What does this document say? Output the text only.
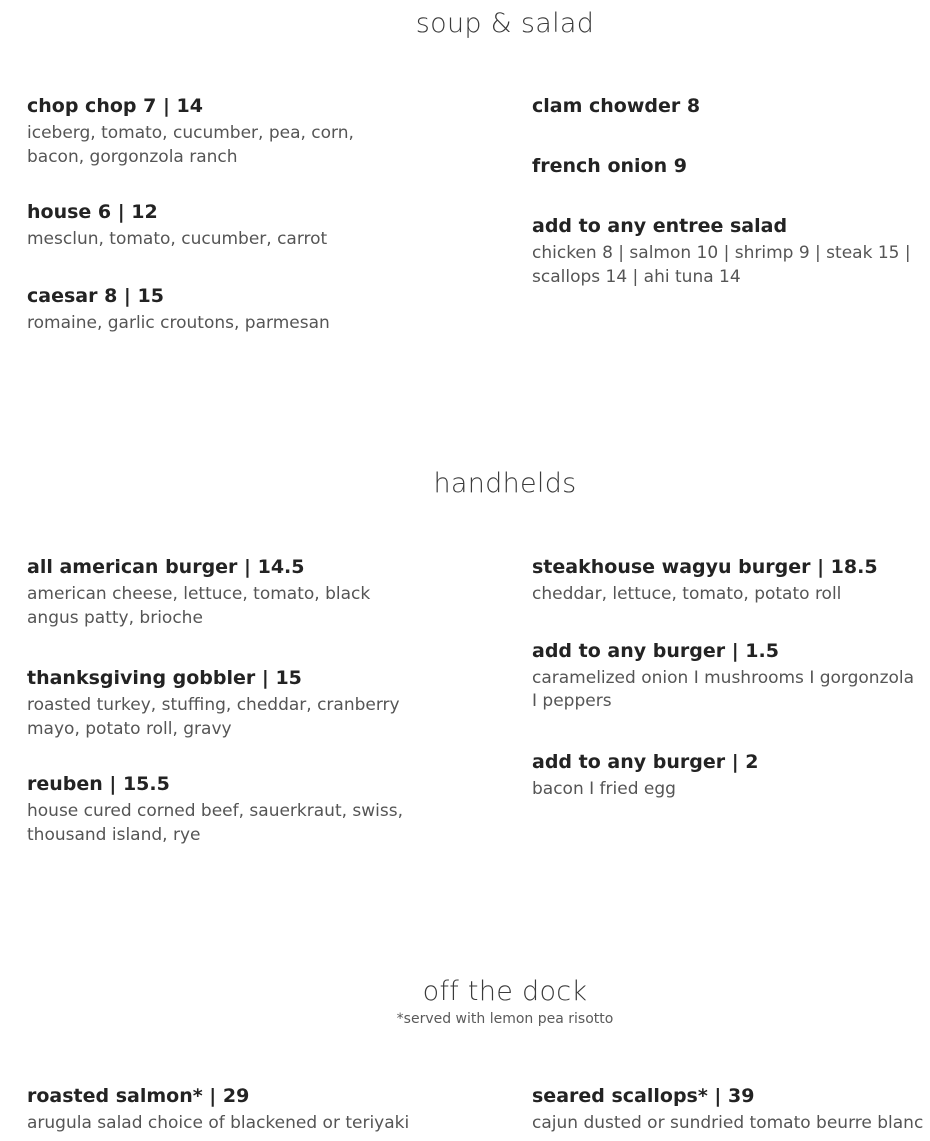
soup & salad
chop chop 7 | 14
iceberg, tomato, cucumber, pea, corn, bacon, gorgonzola ranch
house 6 | 12
mesclun, tomato, cucumber, carrot
caesar 8 | 15
romaine, garlic croutons, parmesan
clam chowder 8
french onion 9
add to any entree salad
chicken 8 | salmon 10 | shrimp 9 | steak 15 | scallops 14 | ahi tuna 14
handhelds
all american burger | 14.5
american cheese, lettuce, tomato, black angus patty, brioche
thanksgiving gobbler | 15
roasted turkey, stuffing, cheddar, cranberry mayo, potato roll, gravy
reuben | 15.5
house cured corned beef, sauerkraut, swiss, thousand island, rye
steakhouse wagyu burger | 18.5
cheddar, lettuce, tomato, potato roll
add to any burger | 1.5
caramelized onion I mushrooms I gorgonzola I peppers
add to any burger | 2
bacon I fried egg
off the dock
*served with lemon pea risotto
roasted salmon* | 29
arugula salad choice of blackened or teriyaki
seared scallops* | 39
cajun dusted or sundried tomato beurre blanc
